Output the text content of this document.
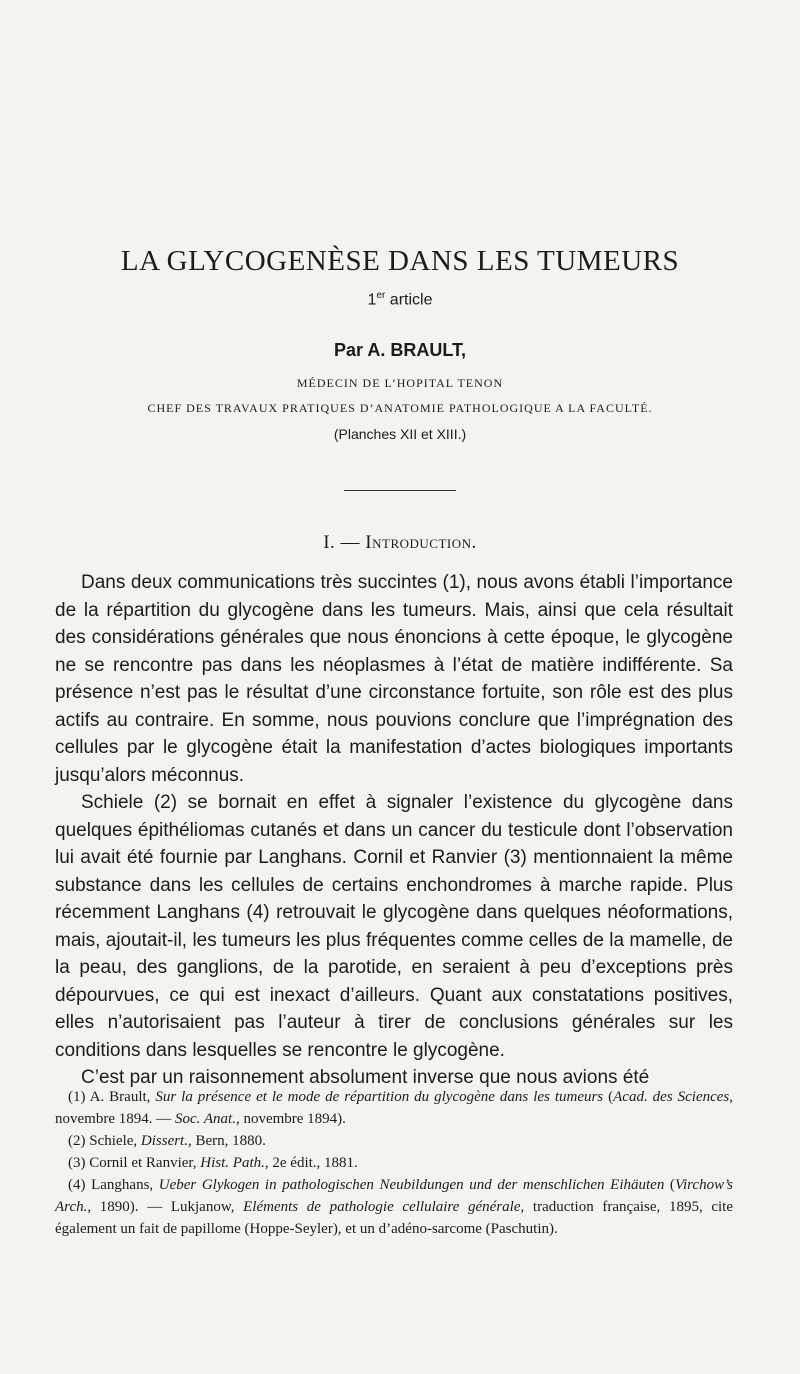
LA GLYCOGENÈSE DANS LES TUMEURS
1er article
Par A. BRAULT,
MÉDECIN DE L’HOPITAL TENON
CHEF DES TRAVAUX PRATIQUES D’ANATOMIE PATHOLOGIQUE A LA FACULTÉ.
(Planches XII et XIII.)
I. — Introduction.

Dans deux communications très succintes (1), nous avons établi l’importance de la répartition du glycogène dans les tumeurs. Mais, ainsi que cela résultait des considérations générales que nous énoncions à cette époque, le glycogène ne se rencontre pas dans les néoplasmes à l’état de matière indifférente. Sa présence n’est pas le résultat d’une circonstance fortuite, son rôle est des plus actifs au contraire. En somme, nous pouvions conclure que l’imprégnation des cellules par le glycogène était la manifestation d’actes biologiques importants jusqu’alors méconnus.

Schiele (2) se bornait en effet à signaler l’existence du glycogène dans quelques épithéliomas cutanés et dans un cancer du testicule dont l’observation lui avait été fournie par Langhans. Cornil et Ranvier (3) mentionnaient la même substance dans les cellules de certains enchondromes à marche rapide. Plus récemment Langhans (4) retrouvait le glycogène dans quelques néoformations, mais, ajoutait-il, les tumeurs les plus fréquentes comme celles de la mamelle, de la peau, des ganglions, de la parotide, en seraient à peu d’exceptions près dépourvues, ce qui est inexact d’ailleurs. Quant aux constatations positives, elles n’autorisaient pas l’auteur à tirer de conclusions générales sur les conditions dans lesquelles se rencontre le glycogène.

C’est par un raisonnement absolument inverse que nous avions été

(1) A. Brault, Sur la présence et le mode de répartition du glycogène dans les tumeurs (Acad. des Sciences, novembre 1894. — Soc. Anat., novembre 1894).

(2) Schiele, Dissert., Bern, 1880.

(3) Cornil et Ranvier, Hist. Path., 2e édit., 1881.

(4) Langhans, Ueber Glykogen in pathologischen Neubildungen und der menschlichen Eihäuten (Virchow’s Arch., 1890). — Lukjanow, Eléments de pathologie cellulaire générale, traduction française, 1895, cite également un fait de papillome (Hoppe-Seyler), et un d’adéno-sarcome (Paschutin).
